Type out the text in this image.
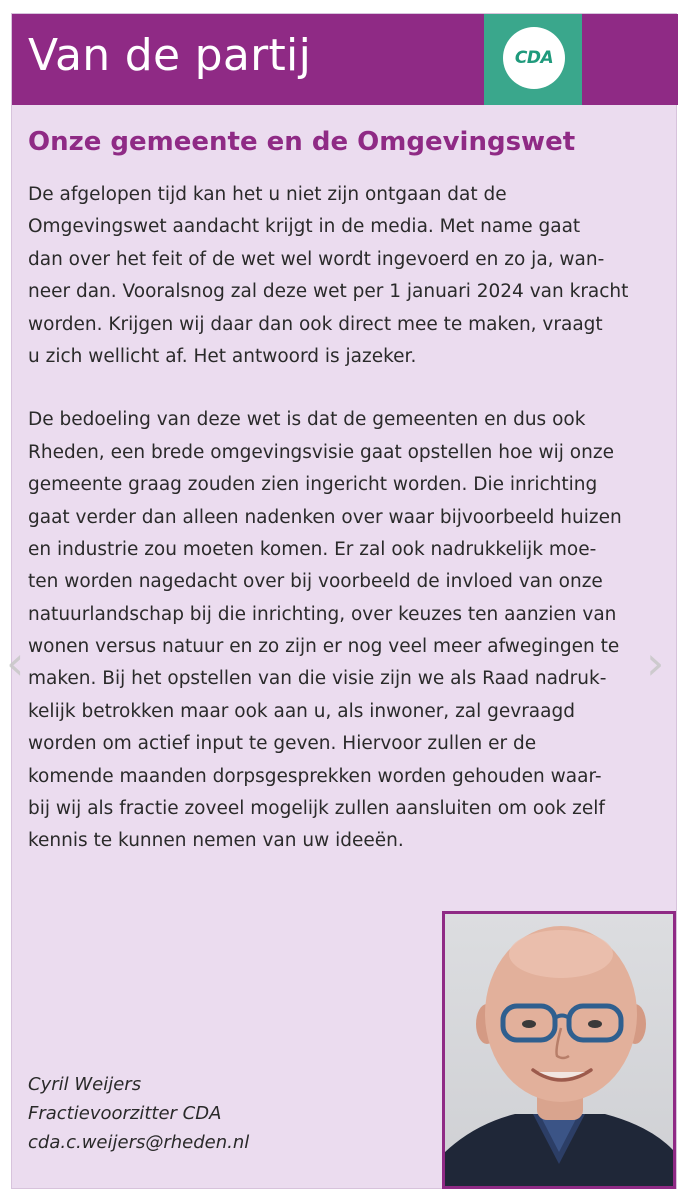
Van de partij	CDA
Onze gemeente en de Omgevingswet
De afgelopen tijd kan het u niet zijn ontgaan dat de
Omgevingswet aandacht krijgt in de media. Met name gaat
dan over het feit of de wet wel wordt ingevoerd en zo ja, wan-
neer dan. Vooralsnog zal deze wet per 1 januari 2024 van kracht
worden. Krijgen wij daar dan ook direct mee te maken, vraagt
u zich wellicht af. Het antwoord is jazeker.
De bedoeling van deze wet is dat de gemeenten en dus ook
Rheden, een brede omgevingsvisie gaat opstellen hoe wij onze
gemeente graag zouden zien ingericht worden. Die inrichting
gaat verder dan alleen nadenken over waar bijvoorbeeld huizen
en industrie zou moeten komen. Er zal ook nadrukkelijk moe-
ten worden nagedacht over bij voorbeeld de invloed van onze
natuurlandschap bij die inrichting, over keuzes ten aanzien van
wonen versus natuur en zo zijn er nog veel meer afwegingen te
maken. Bij het opstellen van die visie zijn we als Raad nadruk-
kelijk betrokken maar ook aan u, als inwoner, zal gevraagd
worden om actief input te geven. Hiervoor zullen er de
komende maanden dorpsgesprekken worden gehouden waar-
bij wij als fractie zoveel mogelijk zullen aansluiten om ook zelf
kennis te kunnen nemen van uw ideeën.
Cyril Weijers
Fractievoorzitter CDA
cda.c.weijers@rheden.nl
‹	›
